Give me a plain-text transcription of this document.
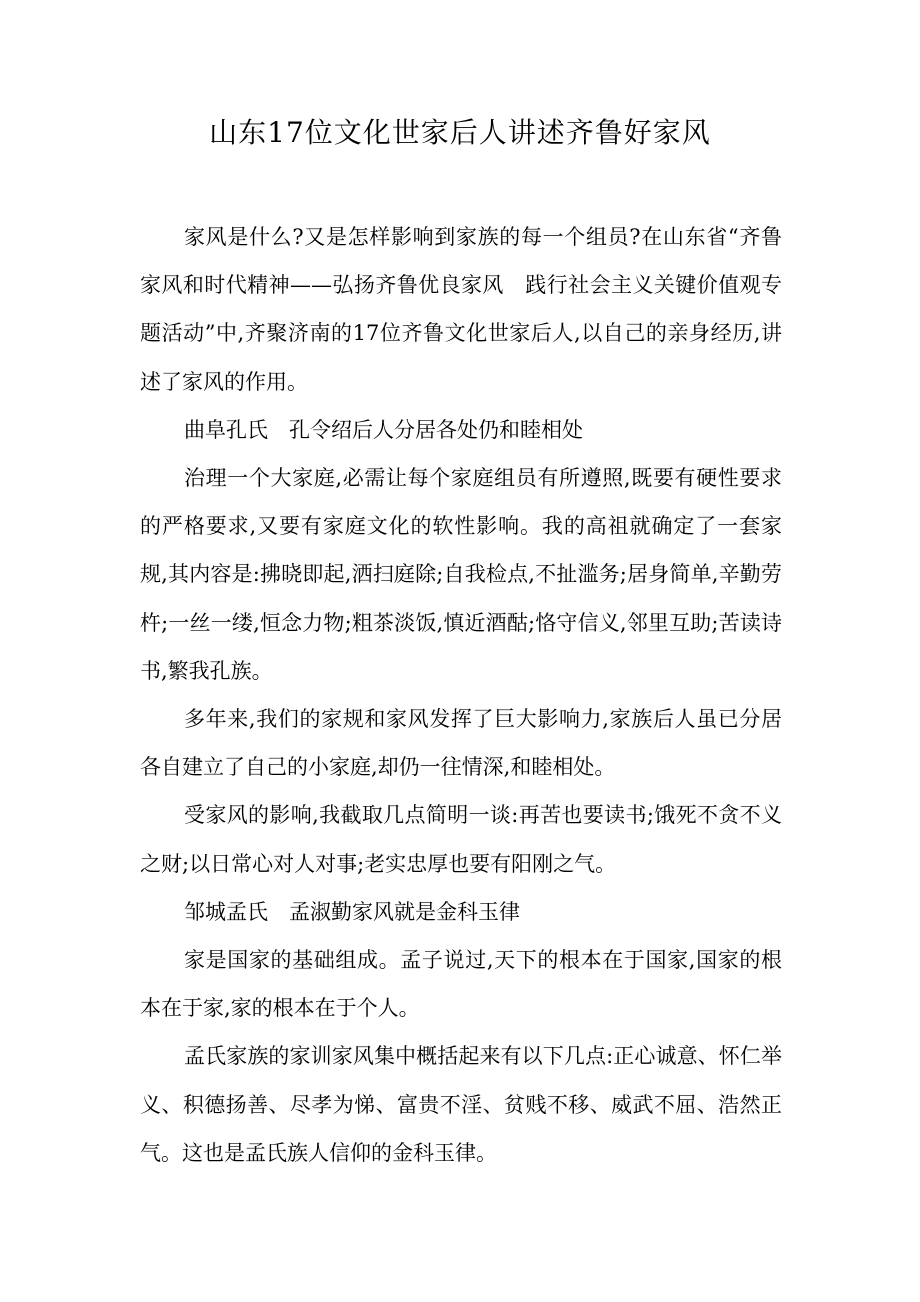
山东17位文化世家后人讲述齐鲁好家风

家风是什么?又是怎样影响到家族的每一个组员?在山东省“齐鲁家风和时代精神——弘扬齐鲁优良家风　践行社会主义关键价值观专题活动”中,齐聚济南的17位齐鲁文化世家后人,以自己的亲身经历,讲述了家风的作用。

曲阜孔氏　孔令绍后人分居各处仍和睦相处

治理一个大家庭,必需让每个家庭组员有所遵照,既要有硬性要求的严格要求,又要有家庭文化的软性影响。我的高祖就确定了一套家规,其内容是:拂晓即起,洒扫庭除;自我检点,不扯滥务;居身简单,辛勤劳杵;一丝一缕,恒念力物;粗茶淡饭,慎近酒酤;恪守信义,邻里互助;苦读诗书,繁我孔族。

多年来,我们的家规和家风发挥了巨大影响力,家族后人虽已分居各自建立了自己的小家庭,却仍一往情深,和睦相处。

受家风的影响,我截取几点简明一谈:再苦也要读书;饿死不贪不义之财;以日常心对人对事;老实忠厚也要有阳刚之气。

邹城孟氏　孟淑勤家风就是金科玉律

家是国家的基础组成。孟子说过,天下的根本在于国家,国家的根本在于家,家的根本在于个人。

孟氏家族的家训家风集中概括起来有以下几点:正心诚意、怀仁举义、积德扬善、尽孝为悌、富贵不淫、贫贱不移、威武不屈、浩然正气。这也是孟氏族人信仰的金科玉律。
